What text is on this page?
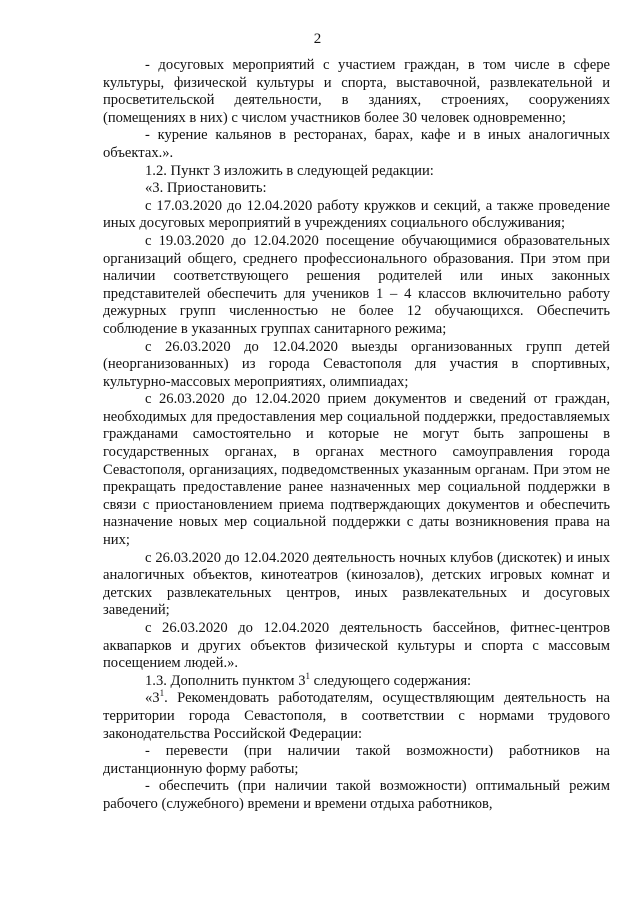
2

- досуговых мероприятий с участием граждан, в том числе в сфере культуры, физической культуры и спорта, выставочной, развлекательной и просветительской деятельности, в зданиях, строениях, сооружениях (помещениях в них) с числом участников более 30 человек одновременно;

- курение кальянов в ресторанах, барах, кафе и в иных аналогичных объектах.».

1.2. Пункт 3 изложить в следующей редакции:

«3. Приостановить:

с 17.03.2020 до 12.04.2020 работу кружков и секций, а также проведение иных досуговых мероприятий в учреждениях социального обслуживания;

с 19.03.2020 до 12.04.2020 посещение обучающимися образовательных организаций общего, среднего профессионального образования. При этом при наличии соответствующего решения родителей или иных законных представителей обеспечить для учеников 1 – 4 классов включительно работу дежурных групп численностью не более 12 обучающихся. Обеспечить соблюдение в указанных группах санитарного режима;

с 26.03.2020 до 12.04.2020 выезды организованных групп детей (неорганизованных) из города Севастополя для участия в спортивных, культурно-массовых мероприятиях, олимпиадах;

с 26.03.2020 до 12.04.2020 прием документов и сведений от граждан, необходимых для предоставления мер социальной поддержки, предоставляемых гражданами самостоятельно и которые не могут быть запрошены в государственных органах, в органах местного самоуправления города Севастополя, организациях, подведомственных указанным органам. При этом не прекращать предоставление ранее назначенных мер социальной поддержки в связи с приостановлением приема подтверждающих документов и обеспечить назначение новых мер социальной поддержки с даты возникновения права на них;

с 26.03.2020 до 12.04.2020 деятельность ночных клубов (дискотек) и иных аналогичных объектов, кинотеатров (кинозалов), детских игровых комнат и детских развлекательных центров, иных развлекательных и досуговых заведений;

с 26.03.2020 до 12.04.2020 деятельность бассейнов, фитнес-центров аквапарков и других объектов физической культуры и спорта с массовым посещением людей.».

1.3. Дополнить пунктом $3^1$ следующего содержания:

«$3^1$. Рекомендовать работодателям, осуществляющим деятельность на территории города Севастополя, в соответствии с нормами трудового законодательства Российской Федерации:

- перевести (при наличии такой возможности) работников на дистанционную форму работы;

- обеспечить (при наличии такой возможности) оптимальный режим рабочего (служебного) времени и времени отдыха работников,
